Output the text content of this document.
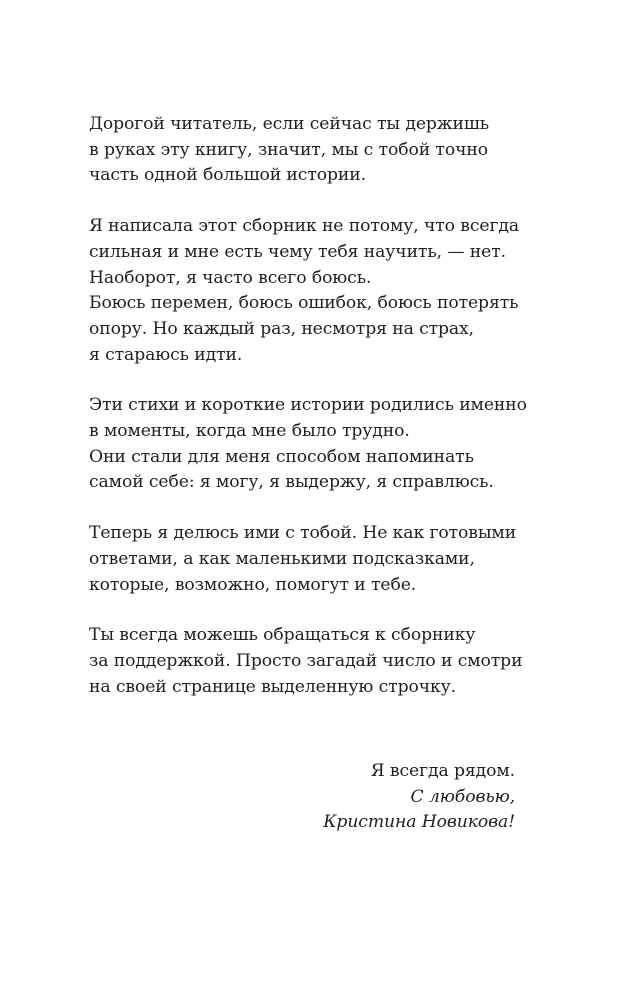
Дорогой читатель, если сейчас ты держишь
в руках эту книгу, значит, мы с тобой точно
часть одной большой истории.

Я написала этот сборник не потому, что всегда
сильная и мне есть чему тебя научить, — нет.
Наоборот, я часто всего боюсь.
Боюсь перемен, боюсь ошибок, боюсь потерять
опору. Но каждый раз, несмотря на страх,
я стараюсь идти.

Эти стихи и короткие истории родились именно
в моменты, когда мне было трудно.
Они стали для меня способом напоминать
самой себе: я могу, я выдержу, я справлюсь.

Теперь я делюсь ими с тобой. Не как готовыми
ответами, а как маленькими подсказками,
которые, возможно, помогут и тебе.

Ты всегда можешь обращаться к сборнику
за поддержкой. Просто загадай число и смотри
на своей странице выделенную строчку.

Я всегда рядом.
С любовью,
Кристина Новикова!
